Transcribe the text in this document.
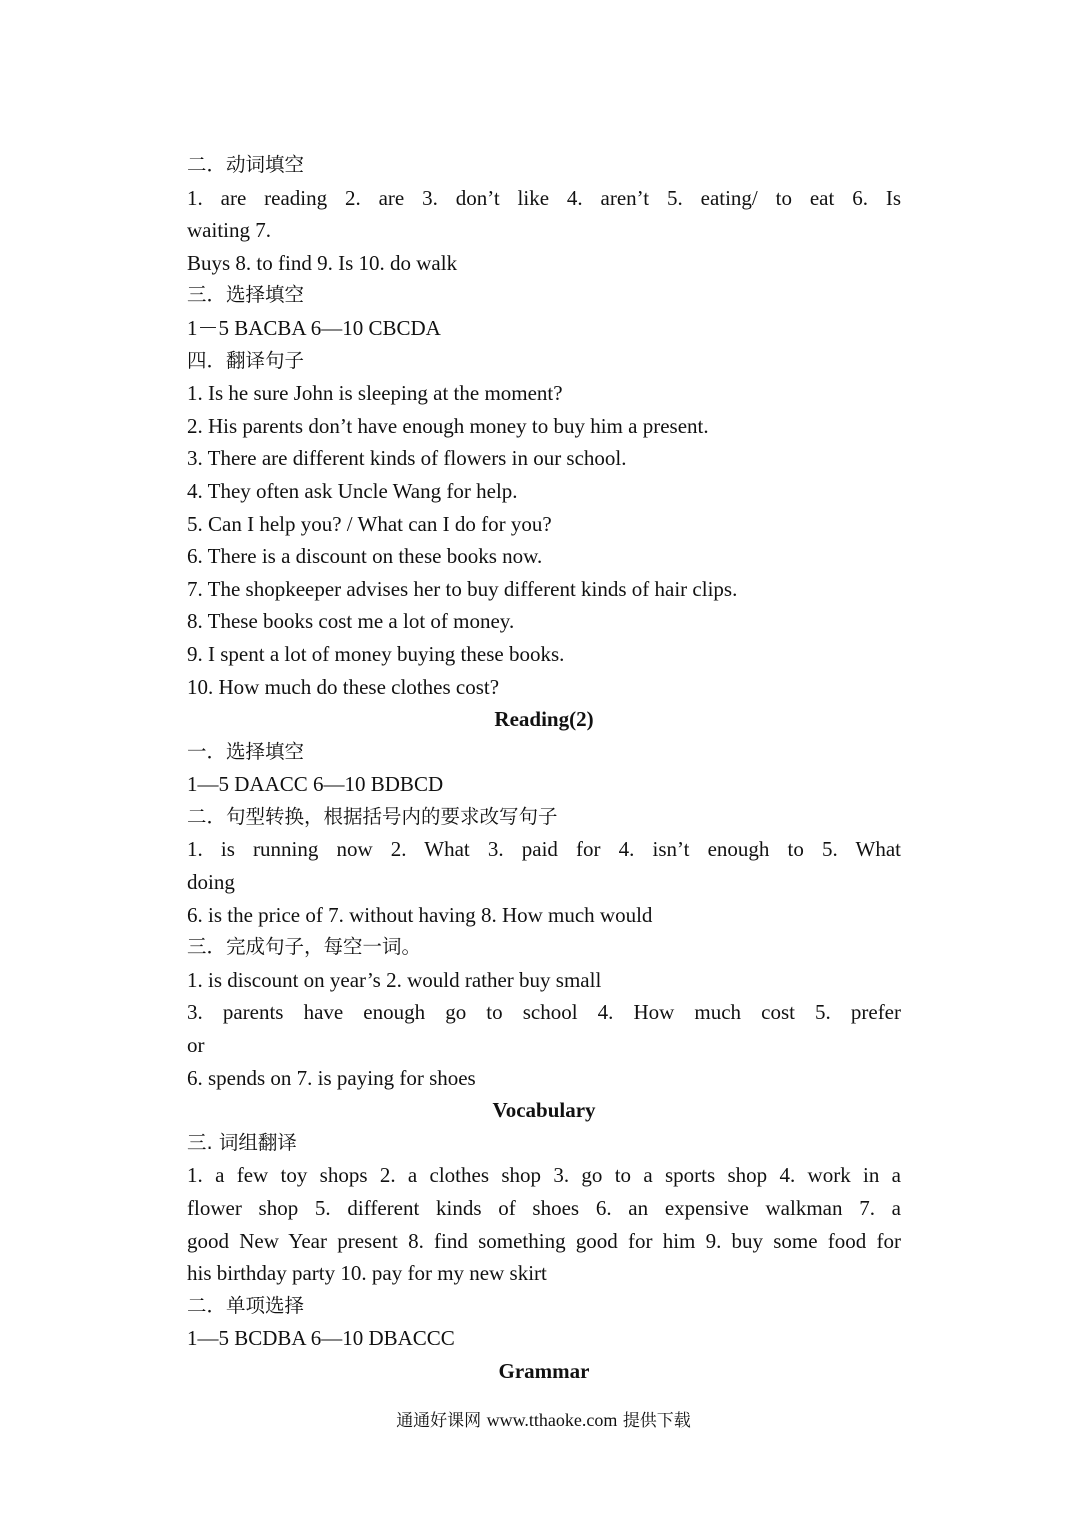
二．动词填空
1. are reading 2. are 3. don’t like 4. aren’t 5. eating/ to eat 6. Is
waiting 7.
Buys 8. to find 9. Is 10. do walk
三．选择填空
1－5 BACBA 6—10 CBCDA
四．翻译句子
1. Is he sure John is sleeping at the moment?
2. His parents don’t have enough money to buy him a present.
3. There are different kinds of flowers in our school.
4. They often ask Uncle Wang for help.
5. Can I help you? / What can I do for you?
6. There is a discount on these books now.
7. The shopkeeper advises her to buy different kinds of hair clips.
8. These books cost me a lot of money.
9. I spent a lot of money buying these books.
10. How much do these clothes cost?
Reading(2)
一．选择填空
1—5 DAACC 6—10 BDBCD
二．句型转换，根据括号内的要求改写句子
1. is running now 2. What 3. paid for 4. isn’t enough to 5. What
doing
6. is the price of 7. without having 8. How much would
三．完成句子，每空一词。
1. is discount on year’s 2. would rather buy small
3. parents have enough go to school 4. How much cost 5. prefer
or
6. spends on 7. is paying for shoes
Vocabulary
三. 词组翻译
1. a few toy shops 2. a clothes shop 3. go to a sports shop 4. work in a
flower shop 5. different kinds of shoes 6. an expensive walkman 7. a
good New Year present 8. find something good for him 9. buy some food for
his birthday party 10. pay for my new skirt
二．单项选择
1—5 BCDBA 6—10 DBACCC
Grammar
通通好课网 www.tthaoke.com 提供下载
